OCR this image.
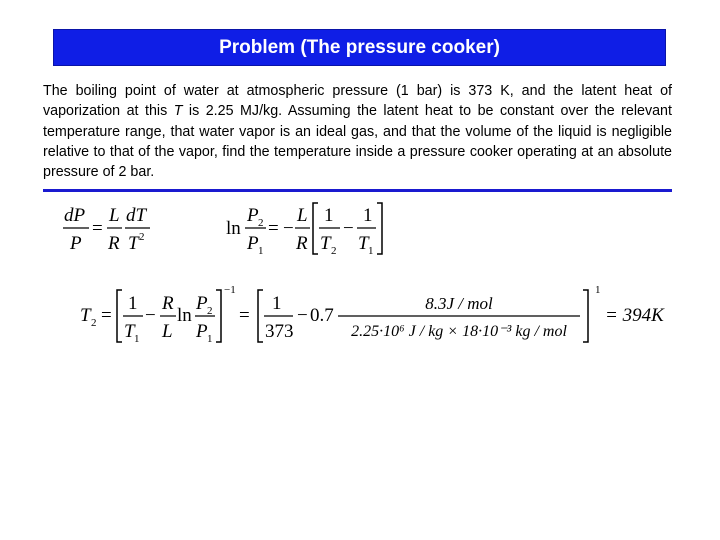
Problem (The pressure cooker)
The boiling point of water at atmospheric pressure (1 bar) is 373 K, and the latent heat of vaporization at this T is 2.25 MJ/kg. Assuming the latent heat to be constant over the relevant temperature range, that water vapor is an ideal gas, and that the volume of the liquid is negligible relative to that of the vapor, find the temperature inside a pressure cooker operating at an absolute pressure of 2 bar.
dP
P
=
L
R
dT
T 2	ln
P 2
P 1
= −
L
R
1
T 2
−
1
T 1
T 2 =
1
T 1
−
R
L
ln
P 2
P 1
−1
=
1
373
− 0.7
8.3J / mol
2.25·10⁶ J / kg × 18·10⁻³ kg / mol
1
= 394K
